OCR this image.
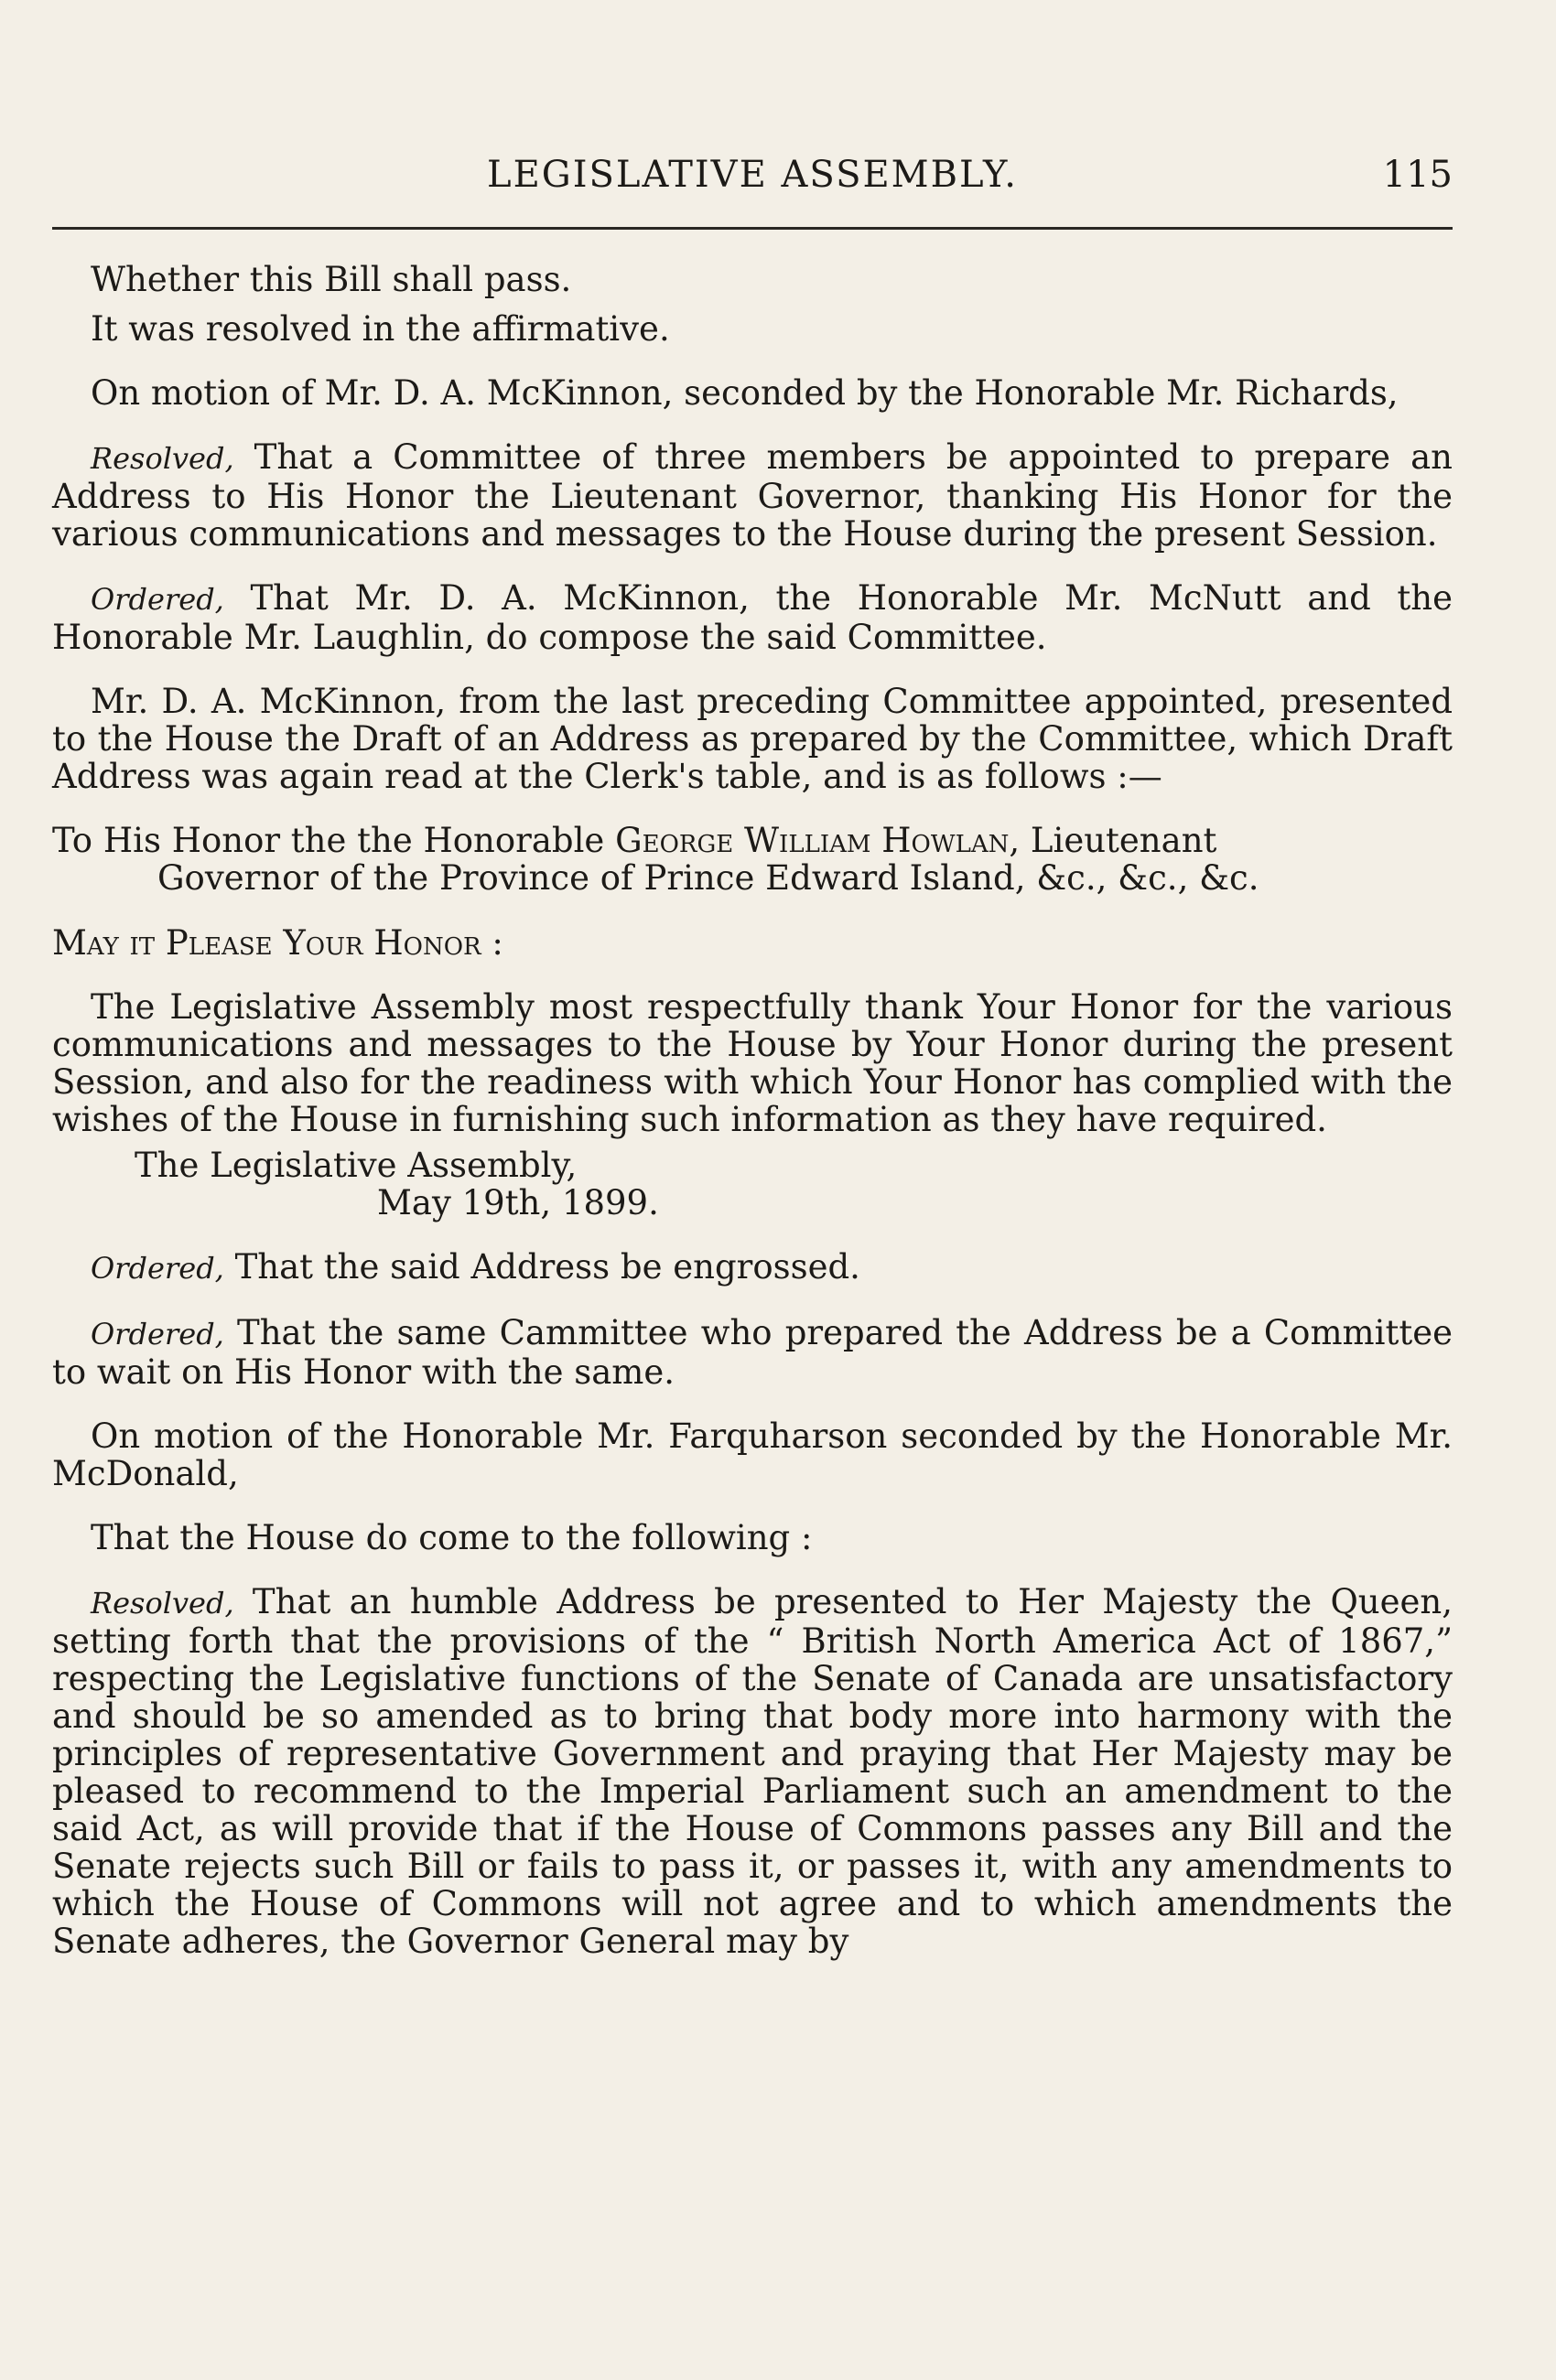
LEGISLATIVE ASSEMBLY.	115

Whether this Bill shall pass.

It was resolved in the affirmative.

On motion of Mr. D. A. McKinnon, seconded by the Honorable Mr. Richards,

Resolved, That a Committee of three members be appointed to prepare an Address to His Honor the Lieutenant Governor, thanking His Honor for the various communications and messages to the House during the present Session.

Ordered, That Mr. D. A. McKinnon, the Honorable Mr. McNutt and the Honorable Mr. Laughlin, do compose the said Committee.

Mr. D. A. McKinnon, from the last preceding Committee appointed, presented to the House the Draft of an Address as prepared by the Committee, which Draft Address was again read at the Clerk's table, and is as follows :—

To His Honor the the Honorable George William Howlan, Lieutenant
Governor of the Province of Prince Edward Island, &c., &c., &c.

May it Please Your Honor :

The Legislative Assembly most respectfully thank Your Honor for the various communications and messages to the House by Your Honor during the present Session, and also for the readiness with which Your Honor has complied with the wishes of the House in furnishing such information as they have required.

The Legislative Assembly,
May 19th, 1899.

Ordered, That the said Address be engrossed.

Ordered, That the same Cammittee who prepared the Address be a Committee to wait on His Honor with the same.

On motion of the Honorable Mr. Farquharson seconded by the Honorable Mr. McDonald,

That the House do come to the following :

Resolved, That an humble Address be presented to Her Majesty the Queen, setting forth that the provisions of the “ British North America Act of 1867,” respecting the Legislative functions of the Senate of Canada are unsatisfactory and should be so amended as to bring that body more into harmony with the principles of representative Government and praying that Her Majesty may be pleased to recommend to the Imperial Parliament such an amendment to the said Act, as will provide that if the House of Commons passes any Bill and the Senate rejects such Bill or fails to pass it, or passes it, with any amendments to which the House of Commons will not agree and to which amendments the Senate adheres, the Governor General may by
